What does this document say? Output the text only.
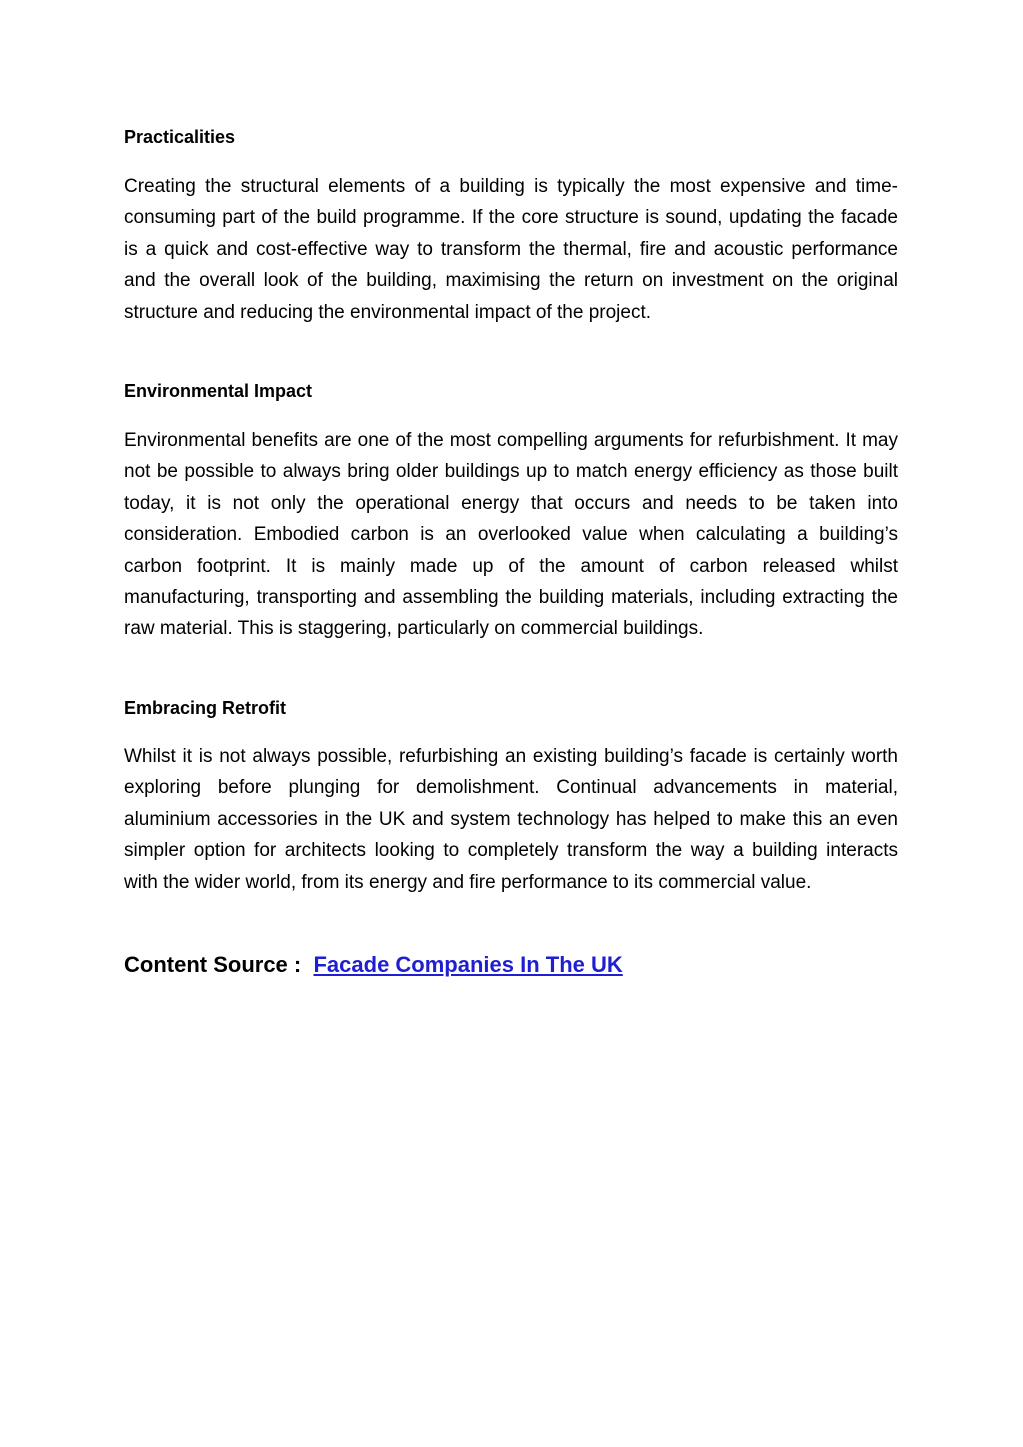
Practicalities

Creating the structural elements of a building is typically the most expensive and time-consuming part of the build programme. If the core structure is sound, updating the facade is a quick and cost-effective way to transform the thermal, fire and acoustic performance and the overall look of the building, maximising the return on investment on the original structure and reducing the environmental impact of the project.

Environmental Impact

Environmental benefits are one of the most compelling arguments for refurbishment. It may not be possible to always bring older buildings up to match energy efficiency as those built today, it is not only the operational energy that occurs and needs to be taken into consideration. Embodied carbon is an overlooked value when calculating a building’s carbon footprint. It is mainly made up of the amount of carbon released whilst manufacturing, transporting and assembling the building materials, including extracting the raw material. This is staggering, particularly on commercial buildings.

Embracing Retrofit

Whilst it is not always possible, refurbishing an existing building’s facade is certainly worth exploring before plunging for demolishment. Continual advancements in material, aluminium accessories in the UK and system technology has helped to make this an even simpler option for architects looking to completely transform the way a building interacts with the wider world, from its energy and fire performance to its commercial value.

Content Source :  Facade Companies In The UK
